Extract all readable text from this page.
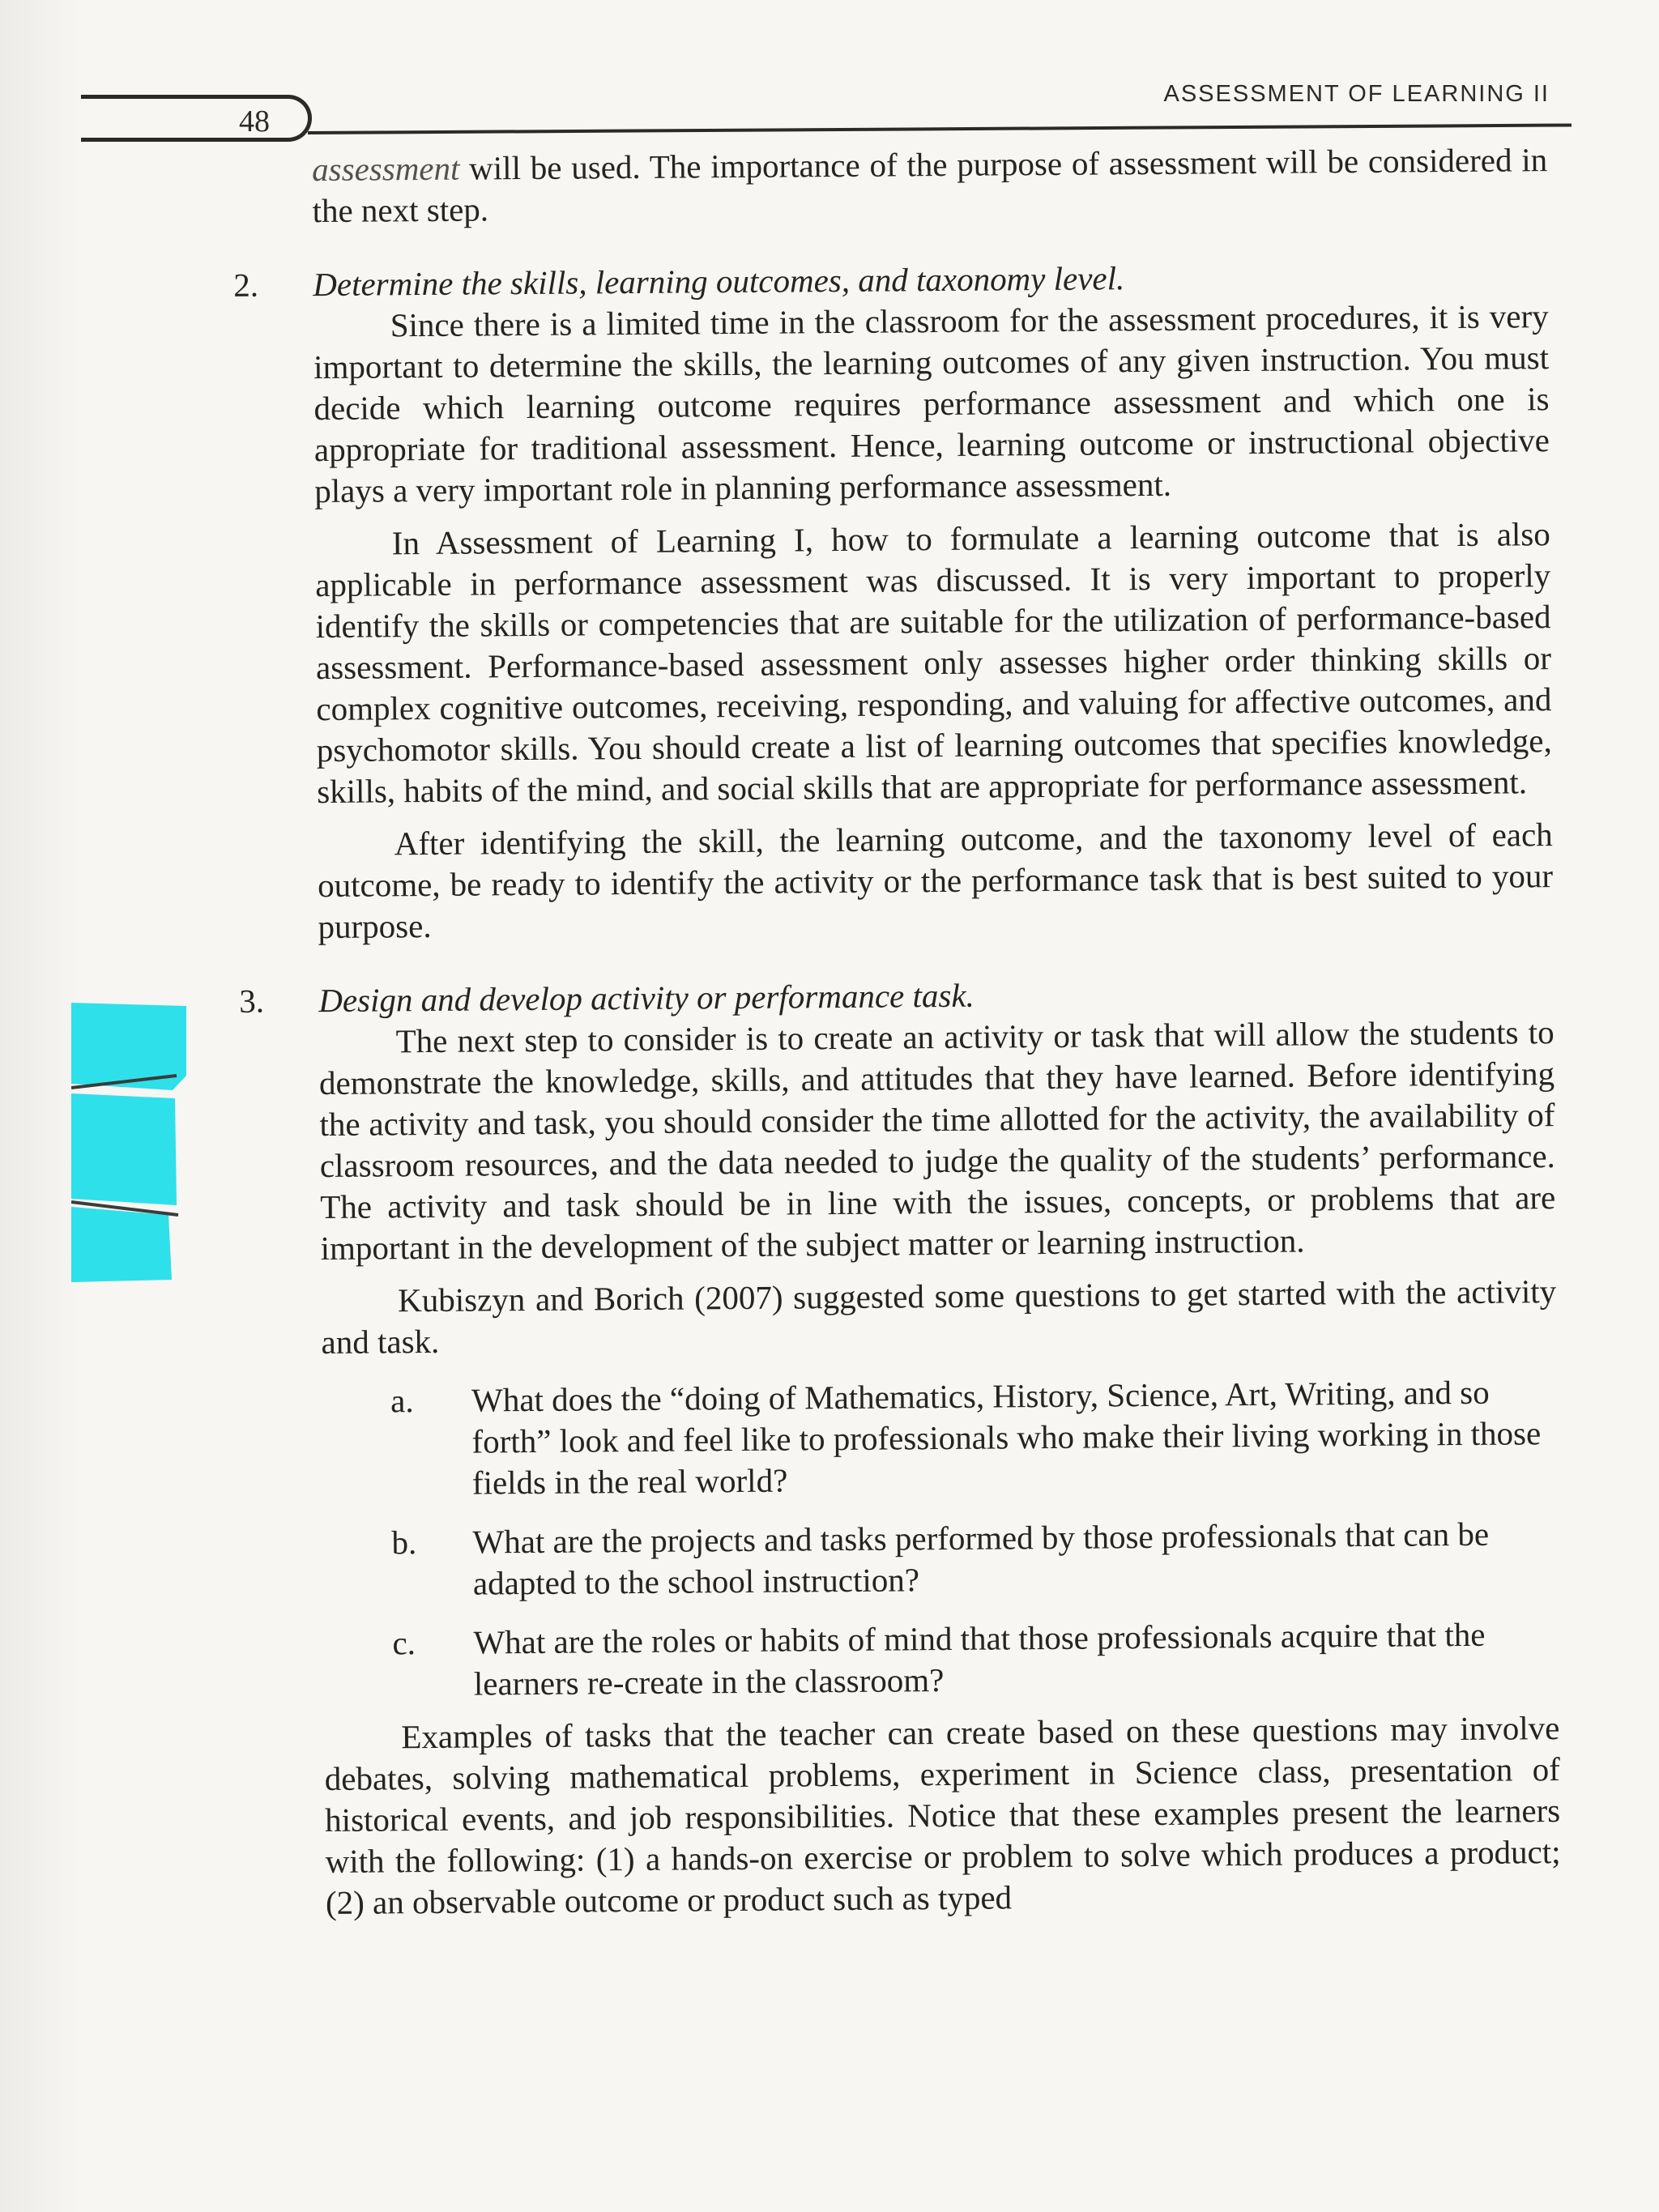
48
ASSESSMENT OF LEARNING II

assessment will be used. The importance of the purpose of assessment will be considered in the next step.

2. Determine the skills, learning outcomes, and taxonomy level.

Since there is a limited time in the classroom for the assessment procedures, it is very important to determine the skills, the learning outcomes of any given instruction. You must decide which learning outcome requires performance assessment and which one is appropriate for traditional assessment. Hence, learning outcome or instructional objective plays a very important role in planning performance assessment.

In Assessment of Learning I, how to formulate a learning outcome that is also applicable in performance assessment was discussed. It is very important to properly identify the skills or competencies that are suitable for the utilization of performance-based assessment. Performance-based assessment only assesses higher order thinking skills or complex cognitive outcomes, receiving, responding, and valuing for affective outcomes, and psychomotor skills. You should create a list of learning outcomes that specifies knowledge, skills, habits of the mind, and social skills that are appropriate for performance assessment.

After identifying the skill, the learning outcome, and the taxonomy level of each outcome, be ready to identify the activity or the performance task that is best suited to your purpose.

3. Design and develop activity or performance task.

The next step to consider is to create an activity or task that will allow the students to demonstrate the knowledge, skills, and attitudes that they have learned. Before identifying the activity and task, you should consider the time allotted for the activity, the availability of classroom resources, and the data needed to judge the quality of the students’ performance. The activity and task should be in line with the issues, concepts, or problems that are important in the development of the subject matter or learning instruction.

Kubiszyn and Borich (2007) suggested some questions to get started with the activity and task.

a. What does the “doing of Mathematics, History, Science, Art, Writing, and so forth” look and feel like to professionals who make their living working in those fields in the real world?
b. What are the projects and tasks performed by those professionals that can be adapted to the school instruction?
c. What are the roles or habits of mind that those professionals acquire that the learners re-create in the classroom?

Examples of tasks that the teacher can create based on these questions may involve debates, solving mathematical problems, experiment in Science class, presentation of historical events, and job responsibilities. Notice that these examples present the learners with the following: (1) a hands-on exercise or problem to solve which produces a product; (2) an observable outcome or product such as typed
